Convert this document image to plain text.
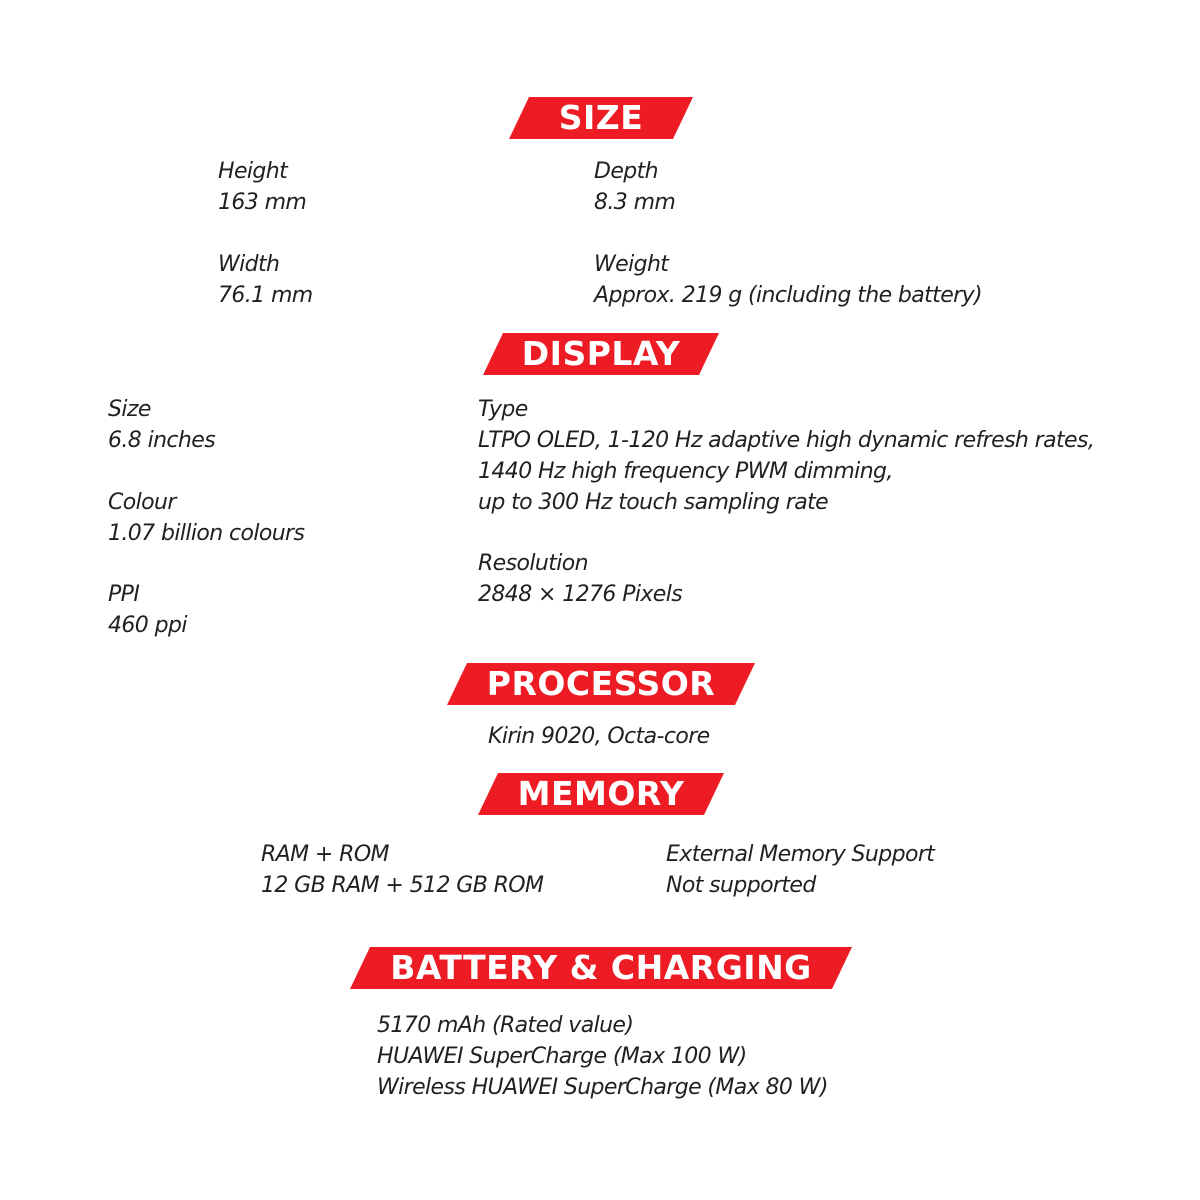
SIZE
Height
163 mm
Depth
8.3 mm
Width
76.1 mm
Weight
Approx. 219 g (including the battery)
DISPLAY
Size
6.8 inches
Colour
1.07 billion colours
PPI
460 ppi
Type
LTPO OLED, 1-120 Hz adaptive high dynamic refresh rates,
1440 Hz high frequency PWM dimming,
up to 300 Hz touch sampling rate
Resolution
2848 × 1276 Pixels
PROCESSOR
Kirin 9020, Octa-core
MEMORY
RAM + ROM
12 GB RAM + 512 GB ROM
External Memory Support
Not supported
BATTERY & CHARGING
5170 mAh (Rated value)
HUAWEI SuperCharge (Max 100 W)
Wireless HUAWEI SuperCharge (Max 80 W)
